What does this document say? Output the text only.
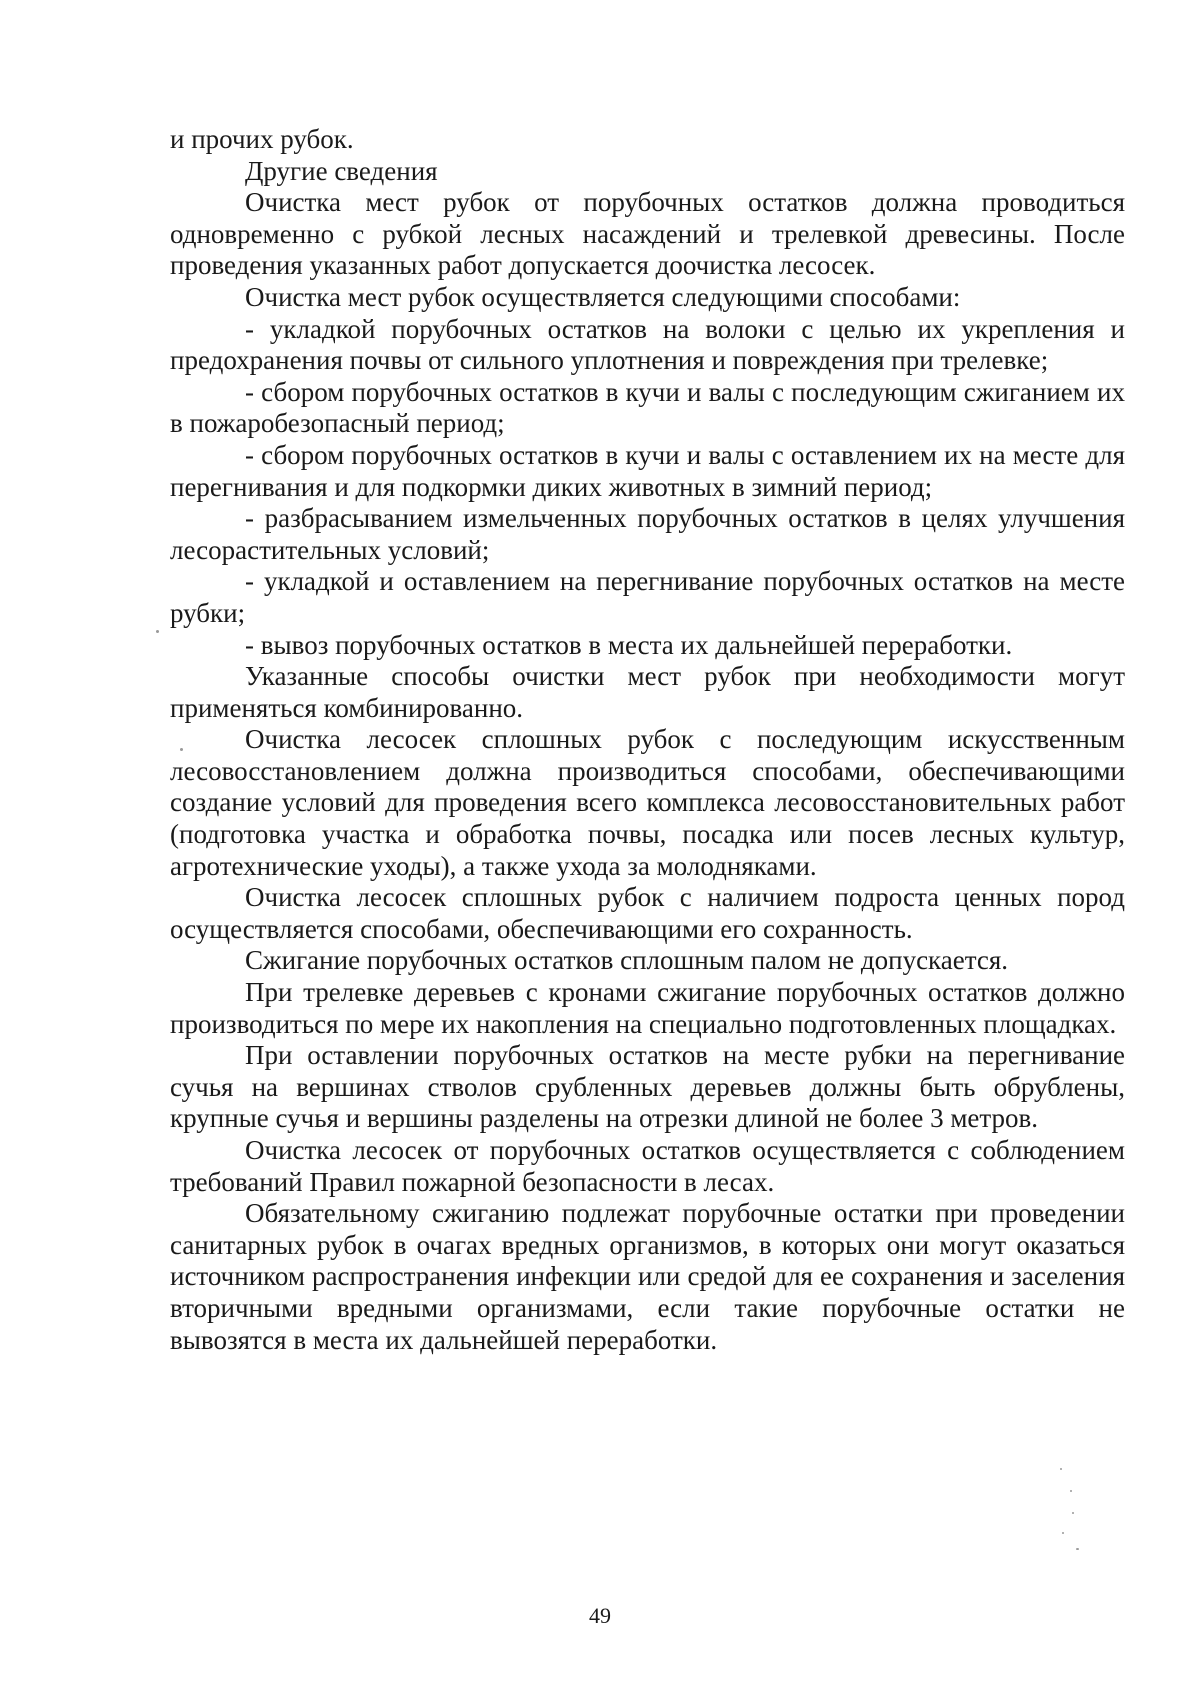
и прочих рубок.

Другие сведения

Очистка мест рубок от порубочных остатков должна проводиться одновременно с рубкой лесных насаждений и трелевкой древесины. После проведения указанных работ допускается доочистка лесосек.

Очистка мест рубок осуществляется следующими способами:

- укладкой порубочных остатков на волоки с целью их укрепления и предохранения почвы от сильного уплотнения и повреждения при трелевке;

- сбором порубочных остатков в кучи и валы с последующим сжиганием их в пожаробезопасный период;

- сбором порубочных остатков в кучи и валы с оставлением их на месте для перегнивания и для подкормки диких животных в зимний период;

- разбрасыванием измельченных порубочных остатков в целях улучшения лесорастительных условий;

- укладкой и оставлением на перегнивание порубочных остатков на месте рубки;

- вывоз порубочных остатков в места их дальнейшей переработки.

Указанные способы очистки мест рубок при необходимости могут применяться комбинированно.

Очистка лесосек сплошных рубок с последующим искусственным лесовосстановлением должна производиться способами, обеспечивающими создание условий для проведения всего комплекса лесовосстановительных работ (подготовка участка и обработка почвы, посадка или посев лесных культур, агротехнические уходы), а также ухода за молодняками.

Очистка лесосек сплошных рубок с наличием подроста ценных пород осуществляется способами, обеспечивающими его сохранность.

Сжигание порубочных остатков сплошным палом не допускается.

При трелевке деревьев с кронами сжигание порубочных остатков должно производиться по мере их накопления на специально подготовленных площадках.

При оставлении порубочных остатков на месте рубки на перегнивание сучья на вершинах стволов срубленных деревьев должны быть обрублены, крупные сучья и вершины разделены на отрезки длиной не более 3 метров.

Очистка лесосек от порубочных остатков осуществляется с соблюдением требований Правил пожарной безопасности в лесах.

Обязательному сжиганию подлежат порубочные остатки при проведении санитарных рубок в очагах вредных организмов, в которых они могут оказаться источником распространения инфекции или средой для ее сохранения и заселения вторичными вредными организмами, если такие порубочные остатки не вывозятся в места их дальнейшей переработки.

49
